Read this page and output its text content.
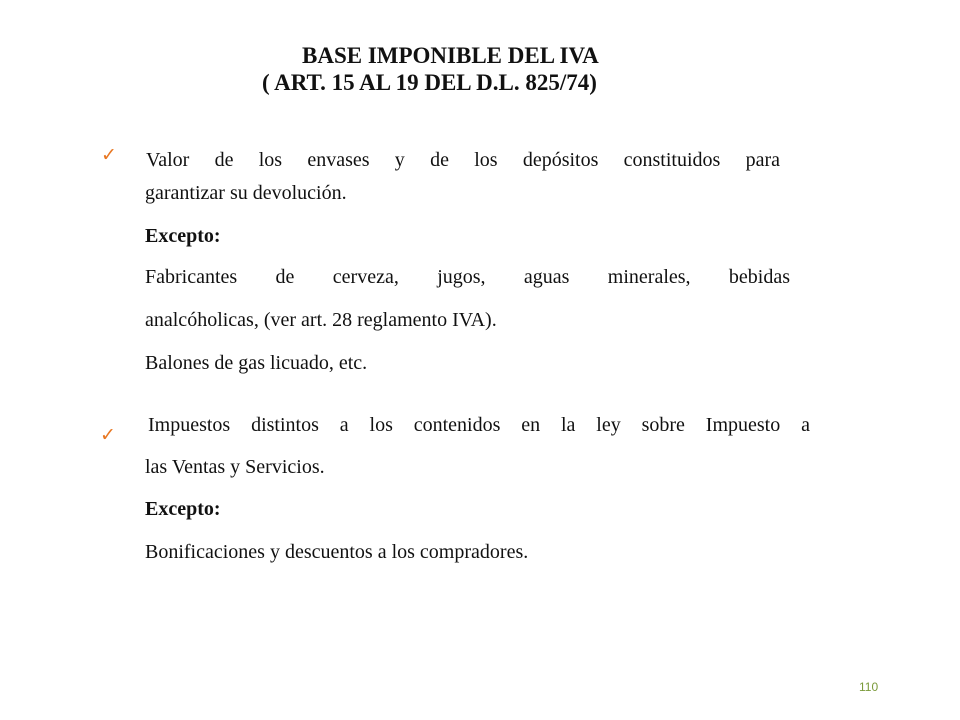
BASE IMPONIBLE DEL IVA
( ART. 15 AL 19 DEL D.L. 825/74)
✓ Valor de los envases y de los depósitos constituidos para
garantizar su devolución.
Excepto:
Fabricantes de cerveza, jugos, aguas minerales, bebidas
analcóholicas, (ver art. 28 reglamento IVA).
Balones de gas licuado, etc.
✓ Impuestos distintos a los contenidos en la ley sobre Impuesto a
las Ventas y Servicios.
Excepto:
Bonificaciones y descuentos a los compradores.
110
